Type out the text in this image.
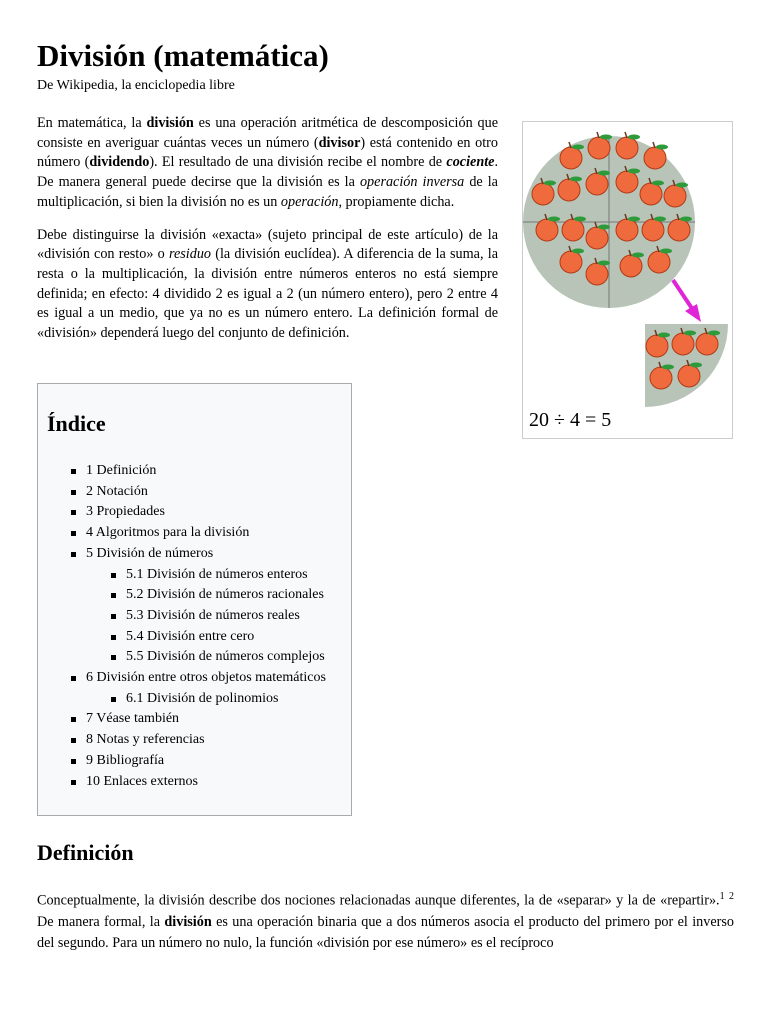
División (matemática)
De Wikipedia, la enciclopedia libre

En matemática, la división es una operación aritmética de descomposición que consiste en averiguar cuántas veces un número (divisor) está contenido en otro número (dividendo). El resultado de una división recibe el nombre de cociente. De manera general puede decirse que la división es la operación inversa de la multiplicación, si bien la división no es un operación, propiamente dicha.

Debe distinguirse la división «exacta» (sujeto principal de este artículo) de la «división con resto» o residuo (la división euclídea). A diferencia de la suma, la resta o la multiplicación, la división entre números enteros no está siempre definida; en efecto: 4 dividido 2 es igual a 2 (un número entero), pero 2 entre 4 es igual a un medio, que ya no es un número entero. La definición formal de «división» dependerá luego del conjunto de definición.

20 ÷ 4 = 5
Índice
1 Definición
2 Notación
3 Propiedades
4 Algoritmos para la división
5 División de números
5.1 División de números enteros
5.2 División de números racionales
5.3 División de números reales
5.4 División entre cero
5.5 División de números complejos
6 División entre otros objetos matemáticos
6.1 División de polinomios
7 Véase también
8 Notas y referencias
9 Bibliografía
10 Enlaces externos
Definición
Conceptualmente, la división describe dos nociones relacionadas aunque diferentes, la de «separar» y la de «repartir».$^1$ $^2$ De manera formal, la división es una operación binaria que a dos números asocia el producto del primero por el inverso del segundo. Para un número no nulo, la función «división por ese número» es el recíproco
